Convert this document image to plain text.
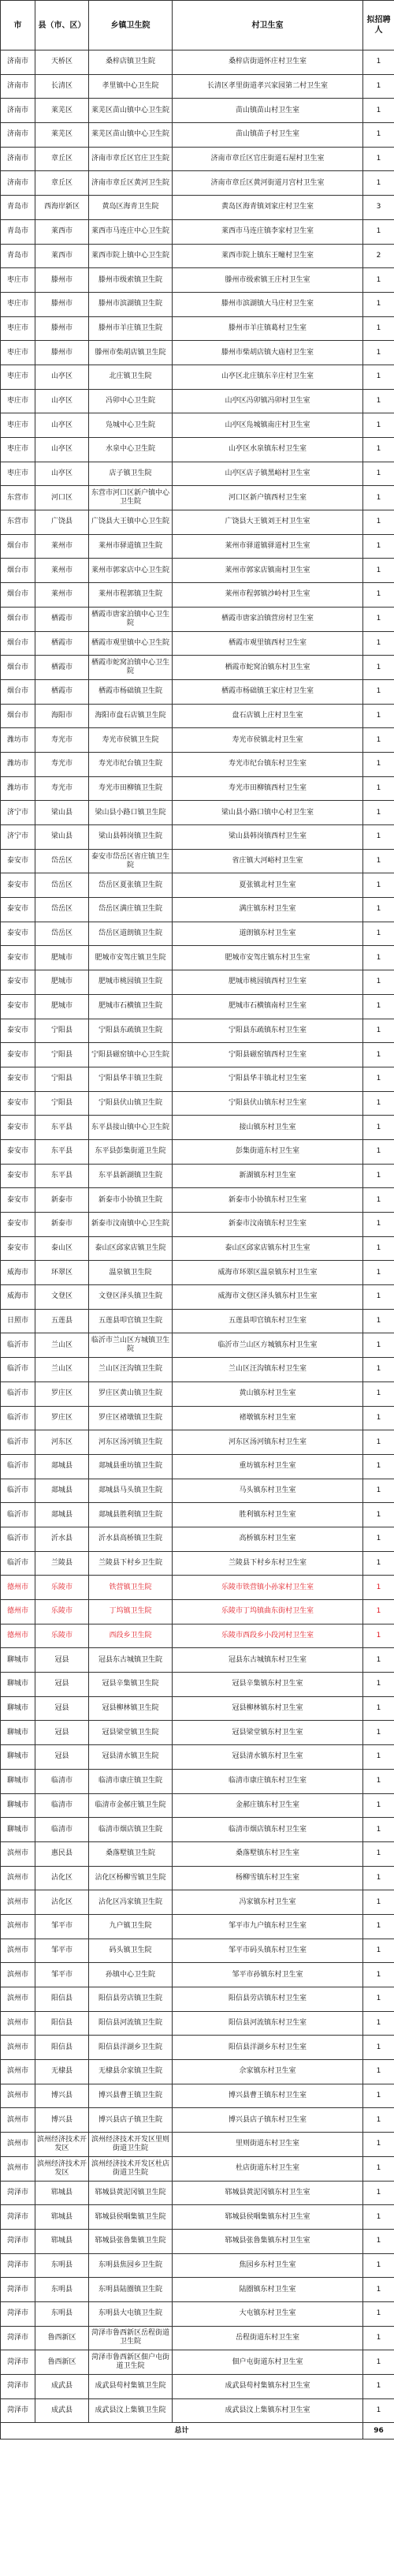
市	县（市、区）	乡镇卫生院	村卫生室	拟招聘人
济南市	天桥区	桑梓店镇卫生院	桑梓店街道怀庄村卫生室	1
济南市	长清区	孝里镇中心卫生院	长清区孝里街道孝兴家园第二村卫生室	1
济南市	莱芜区	莱芜区苗山镇中心卫生院	苗山镇苗山村卫生室	1
济南市	莱芜区	莱芜区苗山镇中心卫生院	苗山镇苗子村卫生室	1
济南市	章丘区	济南市章丘区官庄卫生院	济南市章丘区官庄街道石屋村卫生室	1
济南市	章丘区	济南市章丘区黄河卫生院	济南市章丘区黄河街道月宫村卫生室	1
青岛市	西海岸新区	黄岛区海青卫生院	黄岛区海青镇刘家庄村卫生室	3
青岛市	莱西市	莱西市马连庄中心卫生院	莱西市马连庄镇李家村卫生室	1
青岛市	莱西市	莱西市院上镇中心卫生院	莱西市院上镇东王疃村卫生室	2
枣庄市	滕州市	滕州市级索镇卫生院	滕州市级索镇王庄村卫生室	1
枣庄市	滕州市	滕州市滨湖镇卫生院	滕州市滨湖镇大马庄村卫生室	1
枣庄市	滕州市	滕州市羊庄镇卫生院	滕州市羊庄镇葛村卫生室	1
枣庄市	滕州市	滕州市柴胡店镇卫生院	滕州市柴胡店镇大庙村卫生室	1
枣庄市	山亭区	北庄镇卫生院	山亭区北庄镇东辛庄村卫生室	1
枣庄市	山亭区	冯卯中心卫生院	山亭区冯卯镇冯卯村卫生室	1
枣庄市	山亭区	凫城中心卫生院	山亭区凫城镇南庄村卫生室	1
枣庄市	山亭区	水泉中心卫生院	山亭区水泉镇东村卫生室	1
枣庄市	山亭区	店子镇卫生院	山亭区店子镇黑峪村卫生室	1
东营市	河口区	东营市河口区新户镇中心卫生院	河口区新户镇西村卫生室	1
东营市	广饶县	广饶县大王镇中心卫生院	广饶县大王镇刘王村卫生室	1
烟台市	莱州市	莱州市驿道镇卫生院	莱州市驿道镇驿道村卫生室	1
烟台市	莱州市	莱州市郭家店中心卫生院	莱州市郭家店镇南村卫生室	1
烟台市	莱州市	莱州市程郭镇卫生院	莱州市程郭镇沙岭村卫生室	1
烟台市	栖霞市	栖霞市唐家泊镇中心卫生院	栖霞市唐家泊镇营房村卫生室	1
烟台市	栖霞市	栖霞市观里镇中心卫生院	栖霞市观里镇西村卫生室	1
烟台市	栖霞市	栖霞市蛇窝泊镇中心卫生院	栖霞市蛇窝泊镇东村卫生室	1
烟台市	栖霞市	栖霞市杨础镇卫生院	栖霞市杨础镇王家庄村卫生室	1
烟台市	海阳市	海阳市盘石店镇卫生院	盘石店镇上庄村卫生室	1
潍坊市	寿光市	寿光市侯镇卫生院	寿光市侯镇北村卫生室	1
潍坊市	寿光市	寿光市纪台镇卫生院	寿光市纪台镇东村卫生室	1
潍坊市	寿光市	寿光市田柳镇卫生院	寿光市田柳镇西村卫生室	1
济宁市	梁山县	梁山县小路口镇卫生院	梁山县小路口镇中心村卫生室	1
济宁市	梁山县	梁山县韩岗镇卫生院	梁山县韩岗镇西村卫生室	1
泰安市	岱岳区	泰安市岱岳区省庄镇卫生院	省庄镇大河峪村卫生室	1
泰安市	岱岳区	岱岳区夏张镇卫生院	夏张镇北村卫生室	1
泰安市	岱岳区	岱岳区满庄镇卫生院	满庄镇东村卫生室	1
泰安市	岱岳区	岱岳区道朗镇卫生院	道朗镇东村卫生室	1
泰安市	肥城市	肥城市安驾庄镇卫生院	肥城市安驾庄镇东村卫生室	1
泰安市	肥城市	肥城市桃园镇卫生院	肥城市桃园镇西村卫生室	1
泰安市	肥城市	肥城市石横镇卫生院	肥城市石横镇南村卫生室	1
泰安市	宁阳县	宁阳县东疏镇卫生院	宁阳县东疏镇东村卫生室	1
泰安市	宁阳县	宁阳县磁窑镇中心卫生院	宁阳县磁窑镇西村卫生室	1
泰安市	宁阳县	宁阳县华丰镇卫生院	宁阳县华丰镇北村卫生室	1
泰安市	宁阳县	宁阳县伏山镇卫生院	宁阳县伏山镇东村卫生室	1
泰安市	东平县	东平县接山镇中心卫生院	接山镇东村卫生室	1
泰安市	东平县	东平县彭集街道卫生院	彭集街道东村卫生室	1
泰安市	东平县	东平县新湖镇卫生院	新湖镇东村卫生室	1
泰安市	新泰市	新泰市小协镇卫生院	新泰市小协镇东村卫生室	1
泰安市	新泰市	新泰市汶南镇中心卫生院	新泰市汶南镇东村卫生室	1
泰安市	泰山区	泰山区邱家店镇卫生院	泰山区邱家店镇东村卫生室	1
威海市	环翠区	温泉镇卫生院	威海市环翠区温泉镇东村卫生室	1
威海市	文登区	文登区泽头镇卫生院	威海市文登区泽头镇东村卫生室	1
日照市	五莲县	五莲县叩官镇卫生院	五莲县叩官镇东村卫生室	1
临沂市	兰山区	临沂市兰山区方城镇卫生院	临沂市兰山区方城镇东村卫生室	1
临沂市	兰山区	兰山区汪沟镇卫生院	兰山区汪沟镇东村卫生室	1
临沂市	罗庄区	罗庄区黄山镇卫生院	黄山镇东村卫生室	1
临沂市	罗庄区	罗庄区褚墩镇卫生院	褚墩镇东村卫生室	1
临沂市	河东区	河东区汤河镇卫生院	河东区汤河镇东村卫生室	1
临沂市	郯城县	郯城县重坊镇卫生院	重坊镇东村卫生室	1
临沂市	郯城县	郯城县马头镇卫生院	马头镇东村卫生室	1
临沂市	郯城县	郯城县胜利镇卫生院	胜利镇东村卫生室	1
临沂市	沂水县	沂水县高桥镇卫生院	高桥镇东村卫生室	1
临沂市	兰陵县	兰陵县下村乡卫生院	兰陵县下村乡东村卫生室	1
德州市	乐陵市	铁营镇卫生院	乐陵市铁营镇小孙家村卫生室	1
德州市	乐陵市	丁坞镇卫生院	乐陵市丁坞镇曲东街村卫生室	1
德州市	乐陵市	西段乡卫生院	乐陵市西段乡小段河村卫生室	1
聊城市	冠县	冠县东古城镇卫生院	冠县东古城镇东村卫生室	1
聊城市	冠县	冠县辛集镇卫生院	冠县辛集镇东村卫生室	1
聊城市	冠县	冠县柳林镇卫生院	冠县柳林镇东村卫生室	1
聊城市	冠县	冠县梁堂镇卫生院	冠县梁堂镇东村卫生室	1
聊城市	冠县	冠县清水镇卫生院	冠县清水镇东村卫生室	1
聊城市	临清市	临清市康庄镇卫生院	临清市康庄镇东村卫生室	1
聊城市	临清市	临清市金郝庄镇卫生院	金郝庄镇东村卫生室	1
聊城市	临清市	临清市烟店镇卫生院	临清市烟店镇东村卫生室	1
滨州市	惠民县	桑落墅镇卫生院	桑落墅镇东村卫生室	1
滨州市	沾化区	沾化区杨柳雪镇卫生院	杨柳雪镇东村卫生室	1
滨州市	沾化区	沾化区冯家镇卫生院	冯家镇东村卫生室	1
滨州市	邹平市	九户镇卫生院	邹平市九户镇东村卫生室	1
滨州市	邹平市	码头镇卫生院	邹平市码头镇东村卫生室	1
滨州市	邹平市	孙镇中心卫生院	邹平市孙镇东村卫生室	1
滨州市	阳信县	阳信县劳店镇卫生院	阳信县劳店镇东村卫生室	1
滨州市	阳信县	阳信县河流镇卫生院	阳信县河流镇东村卫生室	1
滨州市	阳信县	阳信县洋湖乡卫生院	阳信县洋湖乡东村卫生室	1
滨州市	无棣县	无棣县佘家镇卫生院	佘家镇东村卫生室	1
滨州市	博兴县	博兴县曹王镇卫生院	博兴县曹王镇东村卫生室	1
滨州市	博兴县	博兴县店子镇卫生院	博兴县店子镇东村卫生室	1
滨州市	滨州经济技术开发区	滨州经济技术开发区里则街道卫生院	里则街道东村卫生室	1
滨州市	滨州经济技术开发区	滨州经济技术开发区杜店街道卫生院	杜店街道东村卫生室	1
菏泽市	郓城县	郓城县黄泥冈镇卫生院	郓城县黄泥冈镇东村卫生室	1
菏泽市	郓城县	郓城县侯咽集镇卫生院	郓城县侯咽集镇东村卫生室	1
菏泽市	郓城县	郓城县张鲁集镇卫生院	郓城县张鲁集镇东村卫生室	1
菏泽市	东明县	东明县焦园乡卫生院	焦园乡东村卫生室	1
菏泽市	东明县	东明县陆圈镇卫生院	陆圈镇东村卫生室	1
菏泽市	东明县	东明县大屯镇卫生院	大屯镇东村卫生室	1
菏泽市	鲁西新区	菏泽市鲁西新区岳程街道卫生院	岳程街道东村卫生室	1
菏泽市	鲁西新区	菏泽市鲁西新区佃户屯街道卫生院	佃户屯街道东村卫生室	1
菏泽市	成武县	成武县苟村集镇卫生院	成武县苟村集镇东村卫生室	1
菏泽市	成武县	成武县汶上集镇卫生院	成武县汶上集镇东村卫生室	1
总计				96
